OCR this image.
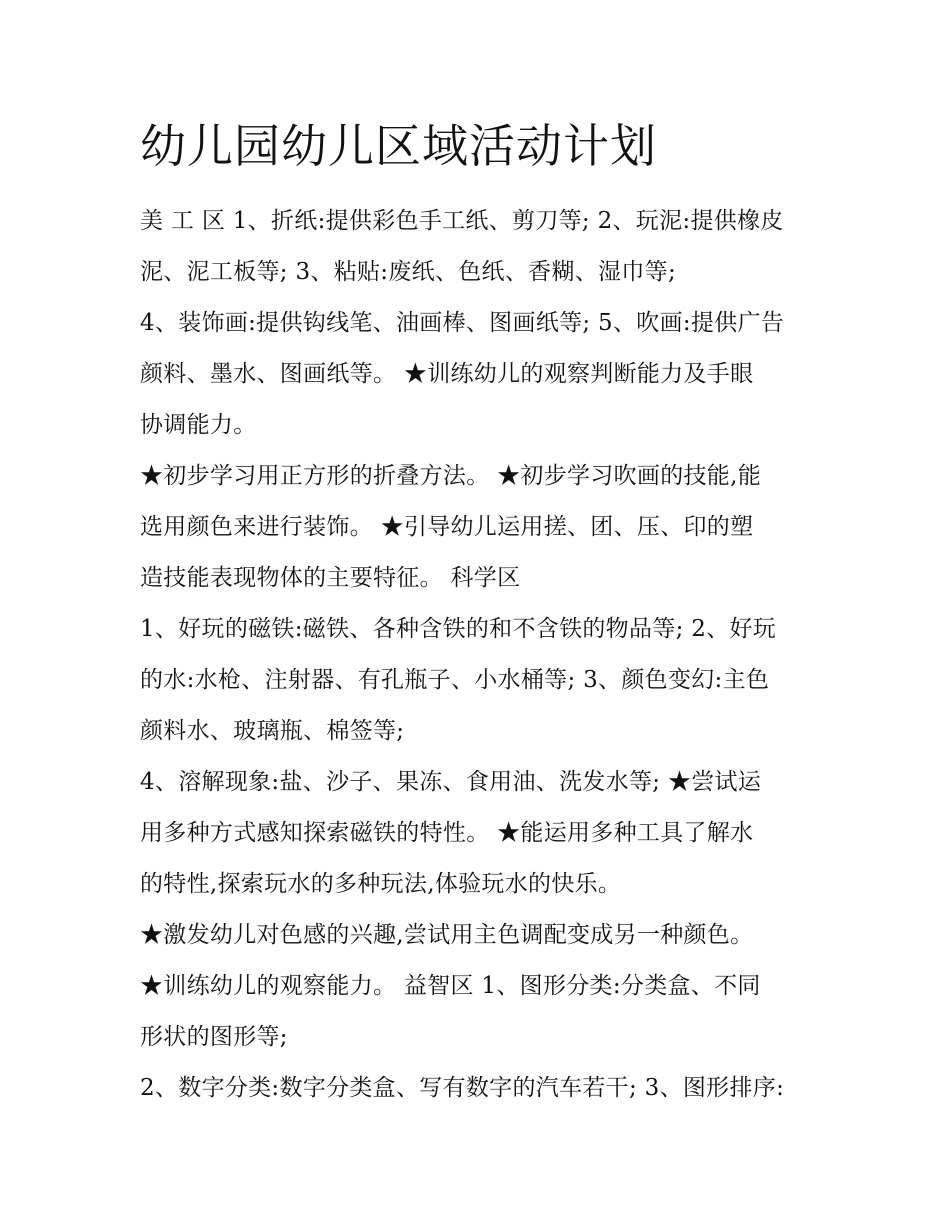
幼儿园幼儿区域活动计划

美 工 区 1、折纸:提供彩色手工纸、剪刀等; 2、玩泥:提供橡皮

泥、泥工板等; 3、粘贴:废纸、色纸、香糊、湿巾等;

4、装饰画:提供钩线笔、油画棒、图画纸等; 5、吹画:提供广告

颜料、墨水、图画纸等。 ★训练幼儿的观察判断能力及手眼

协调能力。

★初步学习用正方形的折叠方法。 ★初步学习吹画的技能,能

选用颜色来进行装饰。 ★引导幼儿运用搓、团、压、印的塑

造技能表现物体的主要特征。 科学区

1、好玩的磁铁:磁铁、各种含铁的和不含铁的物品等; 2、好玩

的水:水枪、注射器、有孔瓶子、小水桶等; 3、颜色变幻:主色

颜料水、玻璃瓶、棉签等;

4、溶解现象:盐、沙子、果冻、食用油、洗发水等; ★尝试运

用多种方式感知探索磁铁的特性。 ★能运用多种工具了解水

的特性,探索玩水的多种玩法,体验玩水的快乐。

★激发幼儿对色感的兴趣,尝试用主色调配变成另一种颜色。

★训练幼儿的观察能力。 益智区 1、图形分类:分类盒、不同

形状的图形等;

2、数字分类:数字分类盒、写有数字的汽车若干; 3、图形排序:
